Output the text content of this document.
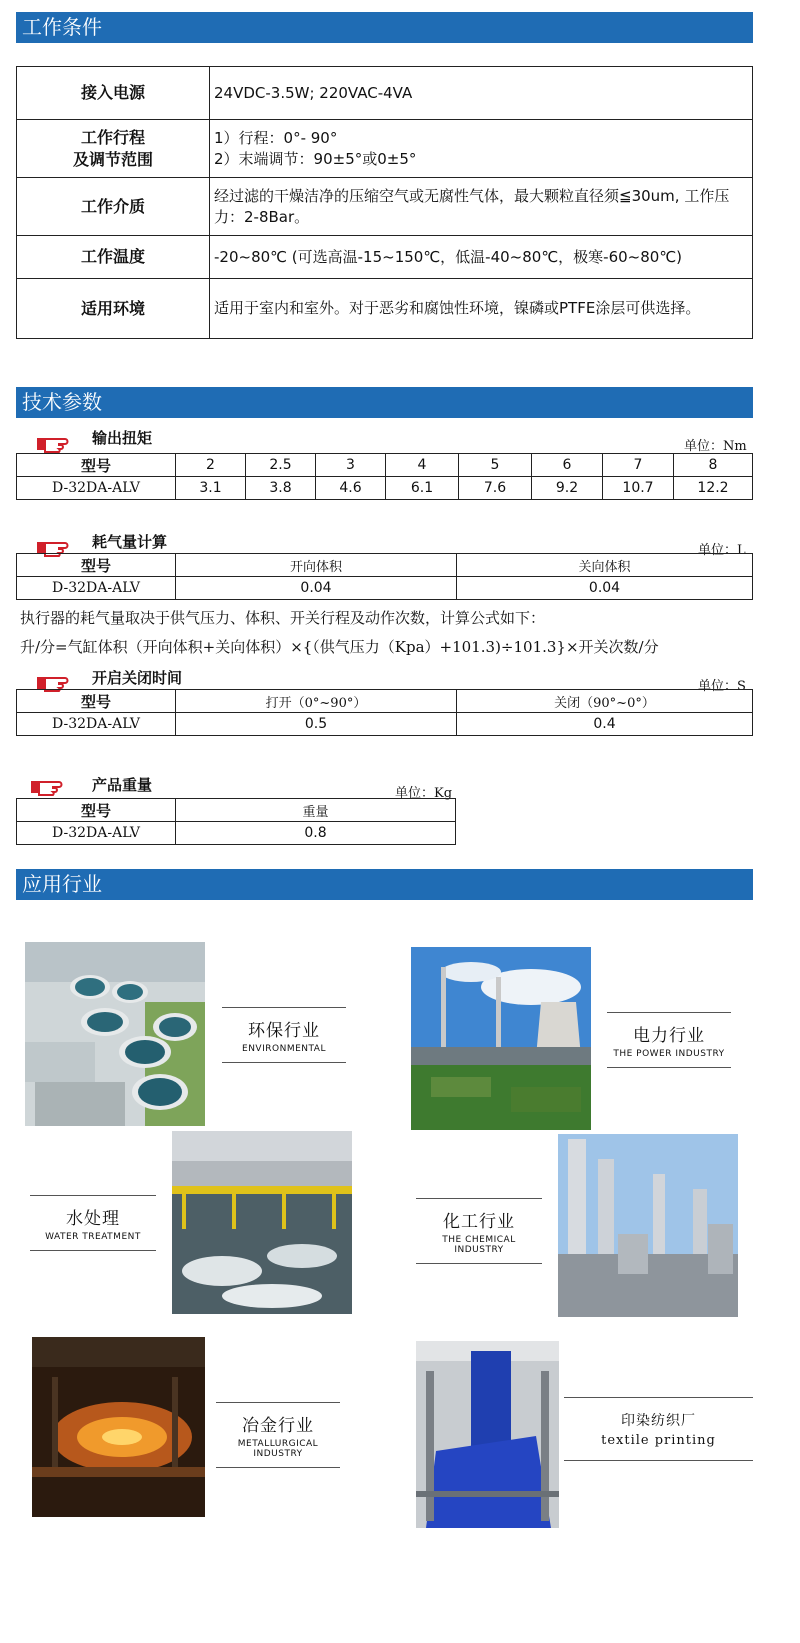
工作条件
接入电源	24VDC-3.5W; 220VAC-4VA
工作行程
及调节范围	1）行程：0°- 90°
2）末端调节：90±5°或0±5°
工作介质	经过滤的干燥洁净的压缩空气或无腐性气体，最大颗粒直径须≦30um, 工作压力：2-8Bar。
工作温度	-20~80℃ (可选高温-15~150℃，低温-40~80℃，极寒-60~80℃)
适用环境	适用于室内和室外。对于恶劣和腐蚀性环境，镍磷或PTFE涂层可供选择。
技术参数
输出扭矩	单位：Nm
型号	2	2.5	3	4	5	6	7	8
D-32DA-ALV	3.1	3.8	4.6	6.1	7.6	9.2	10.7	12.2
耗气量计算	单位：L
型号	开向体积	关向体积
D-32DA-ALV	0.04	0.04
执行器的耗气量取决于供气压力、体积、开关行程及动作次数，计算公式如下：
升/分=气缸体积（开向体积+关向体积）×{（供气压力（Kpa）+101.3)÷101.3}×开关次数/分
开启关闭时间	单位：S
型号	打开（0°~90°）	关闭（90°~0°）
D-32DA-ALV	0.5	0.4
产品重量	单位：Kg
型号	重量
D-32DA-ALV	0.8
应用行业
环保行业
ENVIRONMENTAL
电力行业
THE POWER INDUSTRY
水处理
WATER TREATMENT
化工行业
THE CHEMICAL INDUSTRY
冶金行业
METALLURGICAL INDUSTRY
印染纺织厂
textile printing
